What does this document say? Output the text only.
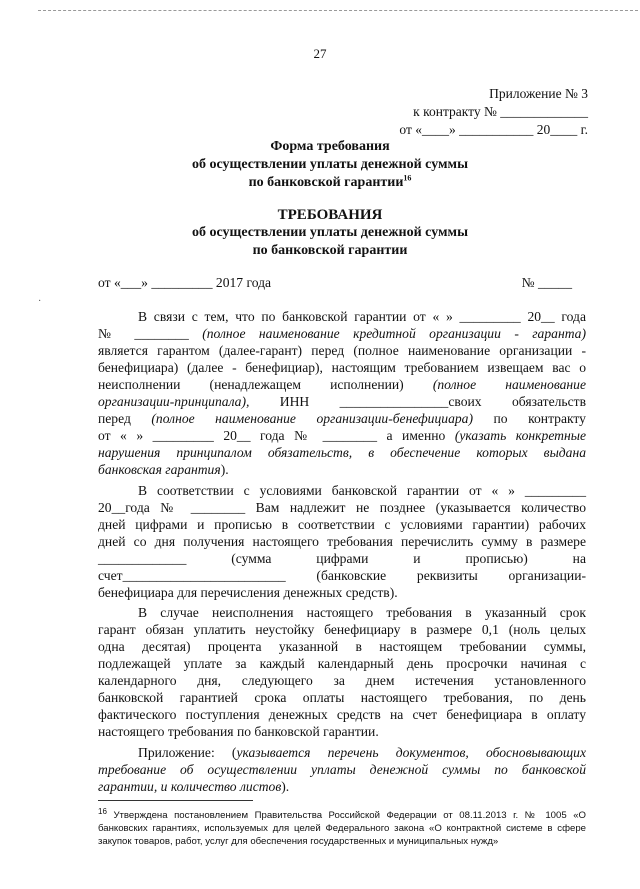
27
Приложение № 3
к контракту № _____________
от «____» ___________ 20____ г.
Форма требования
об осуществлении уплаты денежной суммы
по банковской гарантии$^{16}$
ТРЕБОВАНИЯ
об осуществлении уплаты денежной суммы
по банковской гарантии
от «___» _________ 2017 года	№ _____
·
В связи с тем, что по банковской гарантии от « » _________ 20__ года
№ ________ (полное наименование кредитной организации - гаранта)
является гарантом (далее-гарант) перед (полное наименование организации -
бенефициара) (далее - бенефициар), настоящим требованием извещаем вас о
неисполнении (ненадлежащем исполнении) (полное наименование
организации-принципала), ИНН ________________своих обязательств
перед (полное наименование организации-бенефициара) по контракту
от « » _________ 20__ года № ________ а именно (указать конкретные
нарушения принципалом обязательств, в обеспечение которых выдана
банковская гарантия).
В соответствии с условиями банковской гарантии от « » _________
20__года № ________ Вам надлежит не позднее (указывается количество
дней цифрами и прописью в соответствии с условиями гарантии) рабочих
дней со дня получения настоящего требования перечислить сумму в размере
_____________ (сумма цифрами и прописью) на
счет________________________ (банковские реквизиты организации-
бенефициара для перечисления денежных средств).
В случае неисполнения настоящего требования в указанный срок
гарант обязан уплатить неустойку бенефициару в размере 0,1 (ноль целых
одна десятая) процента указанной в настоящем требовании суммы,
подлежащей уплате за каждый календарный день просрочки начиная с
календарного дня, следующего за днем истечения установленного
банковской гарантией срока оплаты настоящего требования, по день
фактического поступления денежных средств на счет бенефициара в оплату
настоящего требования по банковской гарантии.
Приложение: (указывается перечень документов, обосновывающих
требование об осуществлении уплаты денежной суммы по банковской
гарантии, и количество листов).
$^{16}$ Утверждена постановлением Правительства Российской Федерации от 08.11.2013 г. № 1005 «О
банковских гарантиях, используемых для целей Федерального закона «О контрактной системе в сфере
закупок товаров, работ, услуг для обеспечения государственных и муниципальных нужд»
